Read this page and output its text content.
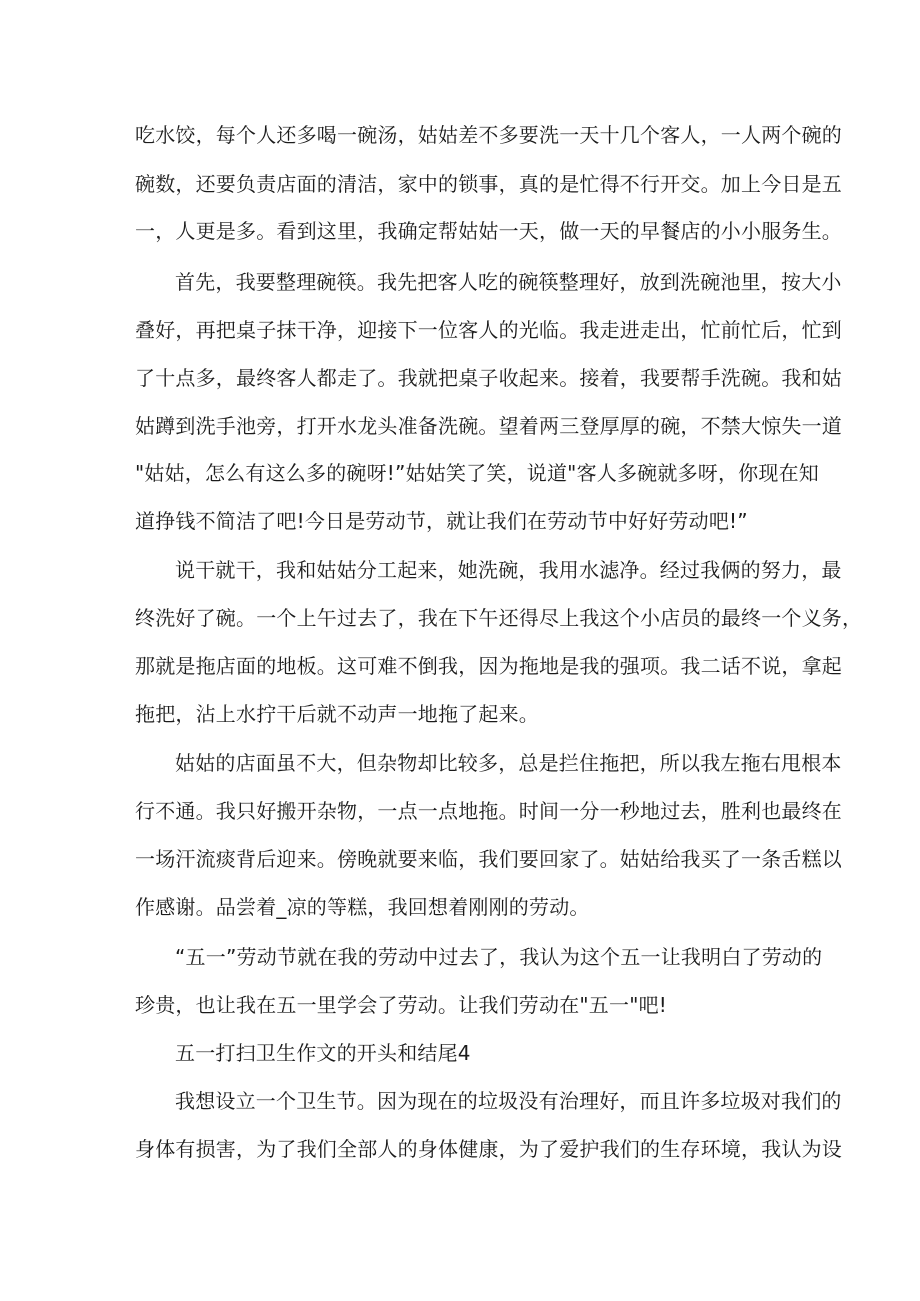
吃水饺，每个人还多喝一碗汤，姑姑差不多要洗一天十几个客人，一人两个碗的
碗数，还要负责店面的清洁，家中的锁事，真的是忙得不行开交。加上今日是五
一，人更是多。看到这里，我确定帮姑姑一天，做一天的早餐店的小小服务生。
首先，我要整理碗筷。我先把客人吃的碗筷整理好，放到洗碗池里，按大小
叠好，再把桌子抹干净，迎接下一位客人的光临。我走进走出，忙前忙后，忙到
了十点多，最终客人都走了。我就把桌子收起来。接着，我要帮手洗碗。我和姑
姑蹲到洗手池旁，打开水龙头准备洗碗。望着两三登厚厚的碗，不禁大惊失一道
"姑姑，怎么有这么多的碗呀!”姑姑笑了笑，说道"客人多碗就多呀，你现在知
道挣钱不简洁了吧!今日是劳动节，就让我们在劳动节中好好劳动吧!”
说干就干，我和姑姑分工起来，她洗碗，我用水滤净。经过我俩的努力，最
终洗好了碗。一个上午过去了，我在下午还得尽上我这个小店员的最终一个义务，
那就是拖店面的地板。这可难不倒我，因为拖地是我的强项。我二话不说，拿起
拖把，沾上水拧干后就不动声一地拖了起来。
姑姑的店面虽不大，但杂物却比较多，总是拦住拖把，所以我左拖右甩根本
行不通。我只好搬开杂物，一点一点地拖。时间一分一秒地过去，胜利也最终在
一场汗流痰背后迎来。傍晚就要来临，我们要回家了。姑姑给我买了一条舌糕以
作感谢。品尝着_凉的等糕，我回想着刚刚的劳动。
“五一”劳动节就在我的劳动中过去了，我认为这个五一让我明白了劳动的
珍贵，也让我在五一里学会了劳动。让我们劳动在"五一"吧!
五一打扫卫生作文的开头和结尾4
我想设立一个卫生节。因为现在的垃圾没有治理好，而且许多垃圾对我们的
身体有损害，为了我们全部人的身体健康，为了爱护我们的生存环境，我认为设
